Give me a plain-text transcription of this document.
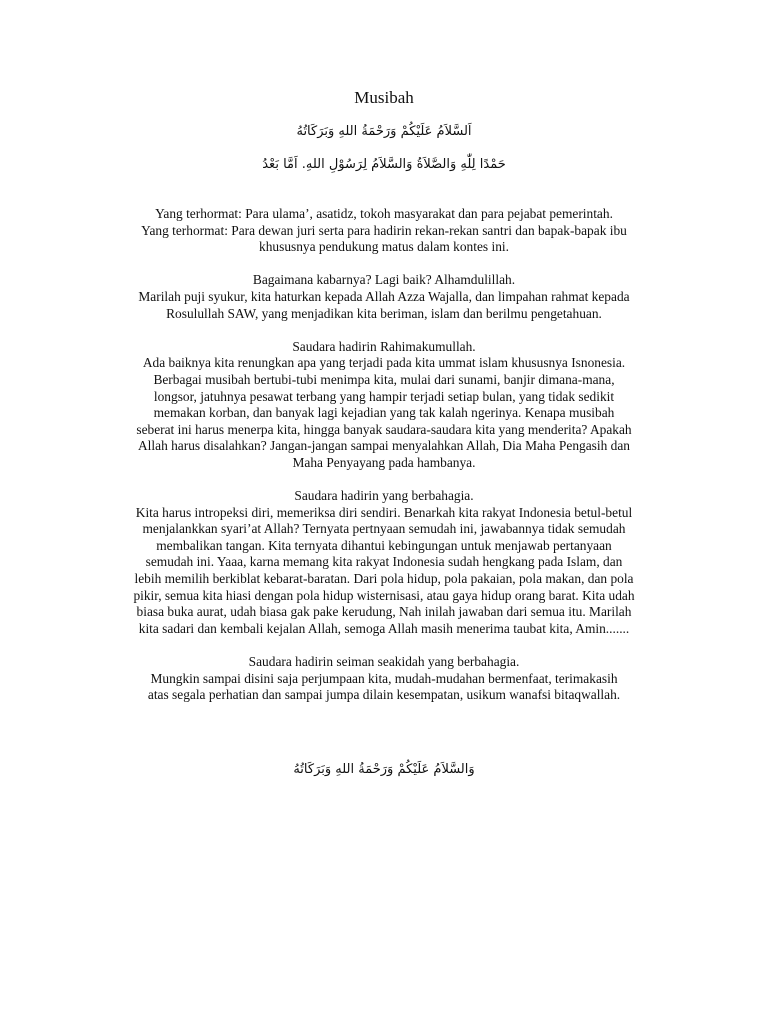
Musibah
اَلسَّلاَمُ عَلَيْكُمْ وَرَحْمَةُ اللهِ وَبَرَكَاتُهُ
حَمْدًا لِلّٰهِ وَالصَّلاَةُ وَالسَّلاَمُ لِرَسُوْلِ اللهِ. اَمَّا بَعْدُ
Yang terhormat: Para ulama’, asatidz, tokoh masyarakat dan para pejabat pemerintah.
Yang terhormat: Para dewan juri serta para hadirin rekan-rekan santri dan bapak-bapak ibu
khususnya pendukung matus dalam kontes ini.
Bagaimana kabarnya? Lagi baik? Alhamdulillah.
Marilah puji syukur, kita haturkan kepada Allah Azza Wajalla, dan limpahan rahmat kepada
Rosulullah SAW, yang menjadikan kita beriman, islam dan berilmu pengetahuan.
Saudara hadirin Rahimakumullah.
Ada baiknya kita renungkan apa yang terjadi pada kita ummat islam khususnya Isnonesia.
Berbagai musibah bertubi-tubi menimpa kita, mulai dari sunami, banjir dimana-mana,
longsor, jatuhnya pesawat terbang yang hampir terjadi setiap bulan, yang tidak sedikit
memakan korban, dan banyak lagi kejadian yang tak kalah ngerinya. Kenapa musibah
seberat ini harus menerpa kita, hingga banyak saudara-saudara kita yang menderita? Apakah
Allah harus disalahkan? Jangan-jangan sampai menyalahkan Allah, Dia Maha Pengasih dan
Maha Penyayang pada hambanya.
Saudara hadirin yang berbahagia.
Kita harus intropeksi diri, memeriksa diri sendiri. Benarkah kita rakyat Indonesia betul-betul
menjalankkan syari’at Allah? Ternyata pertnyaan semudah ini, jawabannya tidak semudah
membalikan tangan. Kita ternyata dihantui kebingungan untuk menjawab pertanyaan
semudah ini. Yaaa, karna memang kita rakyat Indonesia sudah hengkang pada Islam, dan
lebih memilih berkiblat kebarat-baratan. Dari pola hidup, pola pakaian, pola makan, dan pola
pikir, semua kita hiasi dengan pola hidup wisternisasi, atau gaya hidup orang barat. Kita udah
biasa buka aurat, udah biasa gak pake kerudung, Nah inilah jawaban dari semua itu. Marilah
kita sadari dan kembali kejalan Allah, semoga Allah masih menerima taubat kita, Amin.......
Saudara hadirin seiman seakidah yang berbahagia.
Mungkin sampai disini saja perjumpaan kita, mudah-mudahan bermenfaat, terimakasih
atas segala perhatian dan sampai jumpa dilain kesempatan, usikum wanafsi bitaqwallah.
وَالسَّلاَمُ عَلَيْكُمْ وَرَحْمَةُ اللهِ وَبَرَكَاتُهُ
